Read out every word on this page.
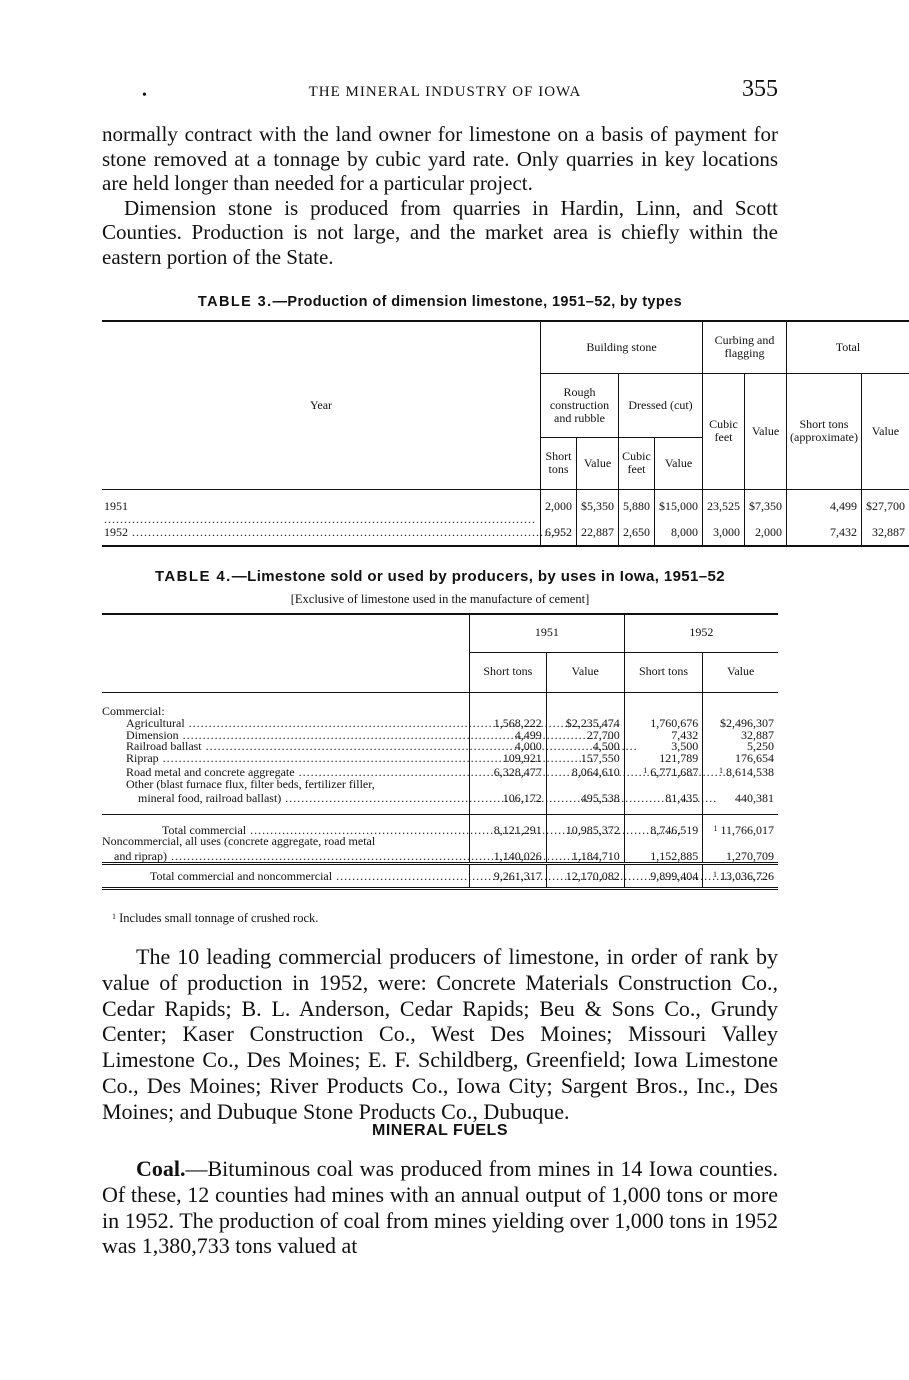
•	THE MINERAL INDUSTRY OF IOWA	355

normally contract with the land owner for limestone on a basis of payment for stone removed at a tonnage by cubic yard rate. Only quarries in key locations are held longer than needed for a particular project.

Dimension stone is produced from quarries in Hardin, Linn, and Scott Counties. Production is not large, and the market area is chiefly within the eastern portion of the State.

TABLE 3.—Production of dimension limestone, 1951–52, by types
Year	Building stone				Curbing and flagging		Total	
	Rough construction and rubble		Dressed (cut)		Cubic feet	Value	Short tons (approximate)	Value
	Short tons	Value	Cubic feet	Value				
1951 .....	2,000	$5,350	5,880	$15,000	23,525	$7,350	4,499	$27,700
1952 .....	6,952	22,887	2,650	8,000	3,000	2,000	7,432	32,887
TABLE 4.—Limestone sold or used by producers, by uses in Iowa, 1951–52
[Exclusive of limestone used in the manufacture of cement]
	1951		1952	
	Short tons	Value	Short tons	Value
Commercial:				
Agricultural .....	1,568,222	$2,235,474	1,760,676	$2,496,307
Dimension .....	4,499	27,700	7,432	32,887
Railroad ballast .....	4,000	4,500	3,500	5,250
Riprap .....	109,921	157,550	121,789	176,654
Road metal and concrete aggregate .....	6,328,477	8,064,610	$^1$ 6,771,687	$^1$ 8,614,538
Other (blast furnace flux, filter beds, fertilizer filler,				
mineral food, railroad ballast) .....	106,172	495,538	81,435	440,381

Total commercial .....	8,121,291	10,985,372	8,746,519	$^1$ 11,766,017
Noncommercial, all uses (concrete aggregate, road metal				
and riprap) .....	1,140,026	1,184,710	1,152,885	1,270,709
Total commercial and noncommercial .....	9,261,317	12,170,082	9,899,404	$^1$ 13,036,726
$^1$ Includes small tonnage of crushed rock.

The 10 leading commercial producers of limestone, in order of rank by value of production in 1952, were: Concrete Materials Construction Co., Cedar Rapids; B. L. Anderson, Cedar Rapids; Beu & Sons Co., Grundy Center; Kaser Construction Co., West Des Moines; Missouri Valley Limestone Co., Des Moines; E. F. Schildberg, Greenfield; Iowa Limestone Co., Des Moines; River Products Co., Iowa City; Sargent Bros., Inc., Des Moines; and Dubuque Stone Products Co., Dubuque.

MINERAL FUELS

Coal.—Bituminous coal was produced from mines in 14 Iowa counties. Of these, 12 counties had mines with an annual output of 1,000 tons or more in 1952. The production of coal from mines yielding over 1,000 tons in 1952 was 1,380,733 tons valued at
